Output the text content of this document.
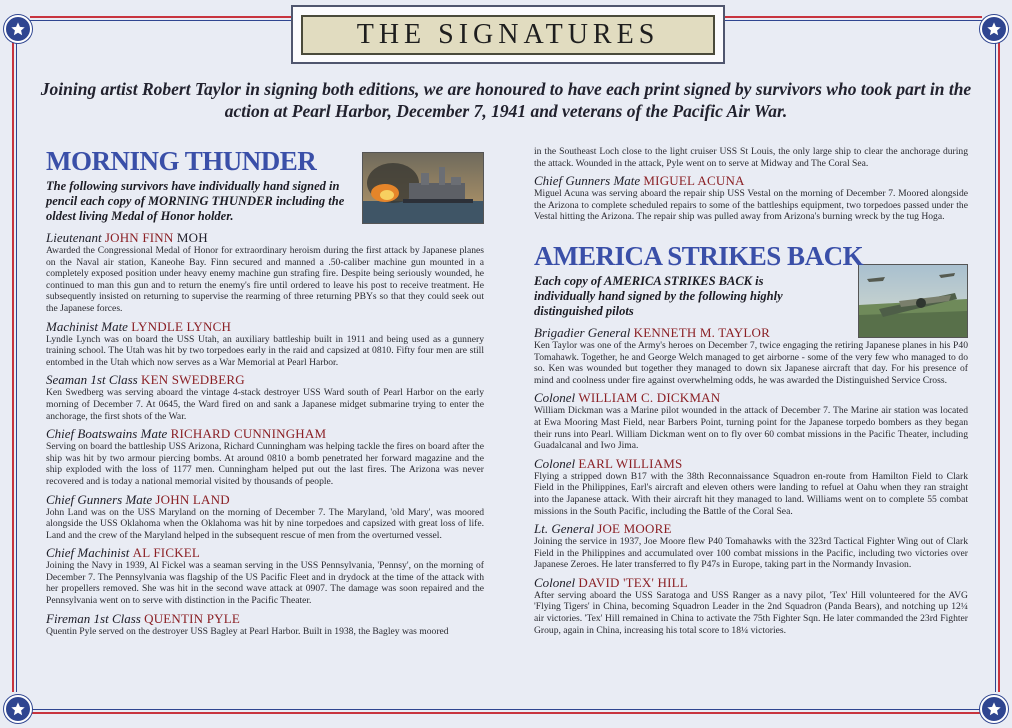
THE SIGNATURES
Joining artist Robert Taylor in signing both editions, we are honoured to have each print signed by survivors who took part in the action at Pearl Harbor, December 7, 1941 and veterans of the Pacific Air War.
MORNING THUNDER

The following survivors have individually hand signed in pencil each copy of MORNING THUNDER including the oldest living Medal of Honor holder.

Lieutenant JOHN FINN MOH

Awarded the Congressional Medal of Honor for extraordinary heroism during the first attack by Japanese planes on the Naval air station, Kaneohe Bay. Finn secured and manned a .50-caliber machine gun mounted in a completely exposed position under heavy enemy machine gun strafing fire. Despite being seriously wounded, he continued to man this gun and to return the enemy's fire until ordered to leave his post to receive treatment. He subsequently insisted on returning to supervise the rearming of three returning PBYs so that they could seek out the Japanese forces.

Machinist Mate LYNDLE LYNCH

Lyndle Lynch was on board the USS Utah, an auxiliary battleship built in 1911 and being used as a gunnery training school. The Utah was hit by two torpedoes early in the raid and capsized at 0810. Fifty four men are still entombed in the Utah which now serves as a War Memorial at Pearl Harbor.

Seaman 1st Class KEN SWEDBERG

Ken Swedberg was serving aboard the vintage 4-stack destroyer USS Ward south of Pearl Harbor on the early morning of December 7. At 0645, the Ward fired on and sank a Japanese midget submarine trying to enter the anchorage, the first shots of the War.

Chief Boatswains Mate RICHARD CUNNINGHAM

Serving on board the battleship USS Arizona, Richard Cunningham was helping tackle the fires on board after the ship was hit by two armour piercing bombs. At around 0810 a bomb penetrated her forward magazine and the ship exploded with the loss of 1177 men. Cunningham helped put out the last fires. The Arizona was never recovered and is today a national memorial visited by thousands of people.

Chief Gunners Mate JOHN LAND

John Land was on the USS Maryland on the morning of December 7. The Maryland, 'old Mary', was moored alongside the USS Oklahoma when the Oklahoma was hit by nine torpedoes and capsized with great loss of life. Land and the crew of the Maryland helped in the subsequent rescue of men from the overturned vessel.

Chief Machinist AL FICKEL

Joining the Navy in 1939, Al Fickel was a seaman serving in the USS Pennsylvania, 'Pennsy', on the morning of December 7. The Pennsylvania was flagship of the US Pacific Fleet and in drydock at the time of the attack with her propellers removed. She was hit in the second wave attack at 0907. The damage was soon repaired and the Pennsylvania went on to serve with distinction in the Pacific Theater.

Fireman 1st Class QUENTIN PYLE

Quentin Pyle served on the destroyer USS Bagley at Pearl Harbor. Built in 1938, the Bagley was moored

in the Southeast Loch close to the light cruiser USS St Louis, the only large ship to clear the anchorage during the attack. Wounded in the attack, Pyle went on to serve at Midway and The Coral Sea.

Chief Gunners Mate MIGUEL ACUNA

Miguel Acuna was serving aboard the repair ship USS Vestal on the morning of December 7. Moored alongside the Arizona to complete scheduled repairs to some of the battleships equipment, two torpedoes passed under the Vestal hitting the Arizona. The repair ship was pulled away from Arizona's burning wreck by the tug Hoga.

AMERICA STRIKES BACK

Each copy of AMERICA STRIKES BACK is individually hand signed by the following highly distinguished pilots

Brigadier General KENNETH M. TAYLOR

Ken Taylor was one of the Army's heroes on December 7, twice engaging the retiring Japanese planes in his P40 Tomahawk. Together, he and George Welch managed to get airborne - some of the very few who managed to do so. Ken was wounded but together they managed to down six Japanese aircraft that day. For his presence of mind and coolness under fire against overwhelming odds, he was awarded the Distinguished Service Cross.

Colonel WILLIAM C. DICKMAN

William Dickman was a Marine pilot wounded in the attack of December 7. The Marine air station was located at Ewa Mooring Mast Field, near Barbers Point, turning point for the Japanese torpedo bombers as they began their runs into Pearl. William Dickman went on to fly over 60 combat missions in the Pacific Theater, including Guadalcanal and Iwo Jima.

Colonel EARL WILLIAMS

Flying a stripped down B17 with the 38th Reconnaissance Squadron en-route from Hamilton Field to Clark Field in the Philippines, Earl's aircraft and eleven others were landing to refuel at Oahu when they ran straight into the Japanese attack. With their aircraft hit they managed to land. Williams went on to complete 55 combat missions in the South Pacific, including the Battle of the Coral Sea.

Lt. General JOE MOORE

Joining the service in 1937, Joe Moore flew P40 Tomahawks with the 323rd Tactical Fighter Wing out of Clark Field in the Philippines and accumulated over 100 combat missions in the Pacific, including two victories over Japanese Zeroes. He later transferred to fly P47s in Europe, taking part in the Normandy Invasion.

Colonel DAVID 'TEX' HILL

After serving aboard the USS Saratoga and USS Ranger as a navy pilot, 'Tex' Hill volunteered for the AVG 'Flying Tigers' in China, becoming Squadron Leader in the 2nd Squadron (Panda Bears), and notching up 12¼ air victories. 'Tex' Hill remained in China to activate the 75th Fighter Sqn. He later commanded the 23rd Fighter Group, again in China, increasing his total score to 18¼ victories.
